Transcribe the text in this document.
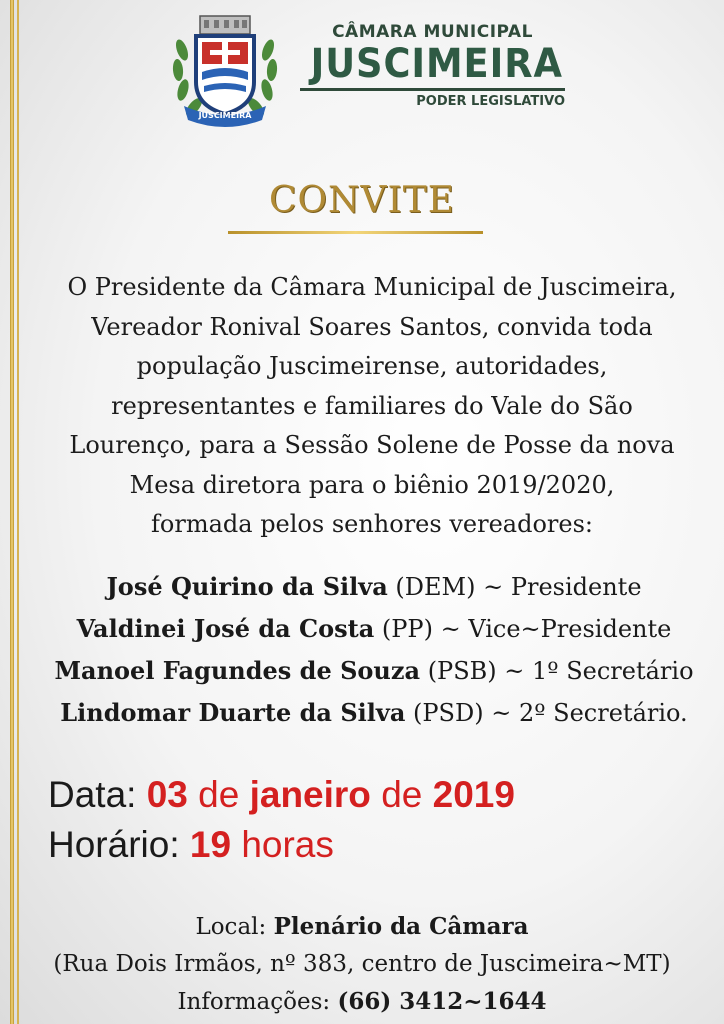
JUSCIMEIRA
CÂMARA MUNICIPAL
JUSCIMEIRA
PODER LEGISLATIVO
CONVITE

O Presidente da Câmara Municipal de Juscimeira,

Vereador Ronival Soares Santos, convida toda

população Juscimeirense, autoridades,

representantes e familiares do Vale do São

Lourenço, para a Sessão Solene de Posse da nova

Mesa diretora para o biênio 2019/2020,

formada pelos senhores vereadores:

José Quirino da Silva (DEM) ~ Presidente
Valdinei José da Costa (PP) ~ Vice~Presidente
Manoel Fagundes de Souza (PSB) ~ 1º Secretário
Lindomar Duarte da Silva (PSD) ~ 2º Secretário.
Data: 03 de janeiro de 2019
Horário: 19 horas
Local: Plenário da Câmara
(Rua Dois Irmãos, nº 383, centro de Juscimeira~MT)
Informações: (66) 3412~1644
